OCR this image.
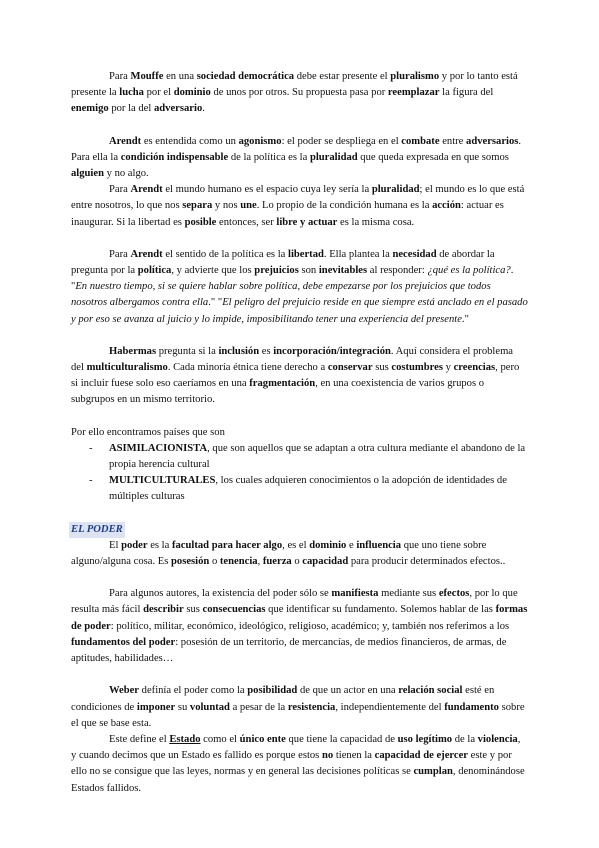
Para Mouffe en una sociedad democrática debe estar presente el pluralismo y por lo tanto está presente la lucha por el dominio de unos por otros. Su propuesta pasa por reemplazar la figura del enemigo por la del adversario.

Arendt es entendida como un agonismo: el poder se despliega en el combate entre adversarios. Para ella la condición indispensable de la política es la pluralidad que queda expresada en que somos alguien y no algo.

Para Arendt el mundo humano es el espacio cuya ley sería la pluralidad; el mundo es lo que está entre nosotros, lo que nos separa y nos une. Lo propio de la condición humana es la acción: actuar es inaugurar. Si la libertad es posible entonces, ser libre y actuar es la misma cosa.

Para Arendt el sentido de la política es la libertad. Ella plantea la necesidad de abordar la pregunta por la política, y advierte que los prejuicios son inevitables al responder: ¿qué es la política?. "En nuestro tiempo, si se quiere hablar sobre política, debe empezarse por los prejuicios que todos nosotros albergamos contra ella." "El peligro del prejuicio reside en que siempre está anclado en el pasado y por eso se avanza al juicio y lo impide, imposibilitando tener una experiencia del presente."

Habermas pregunta si la inclusión es incorporación/integración. Aquí considera el problema del multiculturalismo. Cada minoría étnica tiene derecho a conservar sus costumbres y creencias, pero si incluir fuese solo eso caeríamos en una fragmentación, en una coexistencia de varios grupos o subgrupos en un mismo territorio.

Por ello encontramos países que son

- ASIMILACIONISTA, que son aquellos que se adaptan a otra cultura mediante el abandono de la propia herencia cultural
- MULTICULTURALES, los cuales adquieren conocimientos o la adopción de identidades de múltiples culturas
EL PODER

El poder es la facultad para hacer algo, es el dominio e influencia que uno tiene sobre alguno/alguna cosa. Es posesión o tenencia, fuerza o capacidad para producir determinados efectos..

Para algunos autores, la existencia del poder sólo se manifiesta mediante sus efectos, por lo que resulta más fácil describir sus consecuencias que identificar su fundamento. Solemos hablar de las formas de poder: político, militar, económico, ideológico, religioso, académico; y, también nos referimos a los fundamentos del poder: posesión de un territorio, de mercancías, de medios financieros, de armas, de aptitudes, habilidades…

Weber definía el poder como la posibilidad de que un actor en una relación social esté en condiciones de imponer su voluntad a pesar de la resistencia, independientemente del fundamento sobre el que se base esta.

Este define el Estado como el único ente que tiene la capacidad de uso legítimo de la violencia, y cuando decimos que un Estado es fallido es porque estos no tienen la capacidad de ejercer este y por ello no se consigue que las leyes, normas y en general las decisiones políticas se cumplan, denominándose Estados fallidos.
